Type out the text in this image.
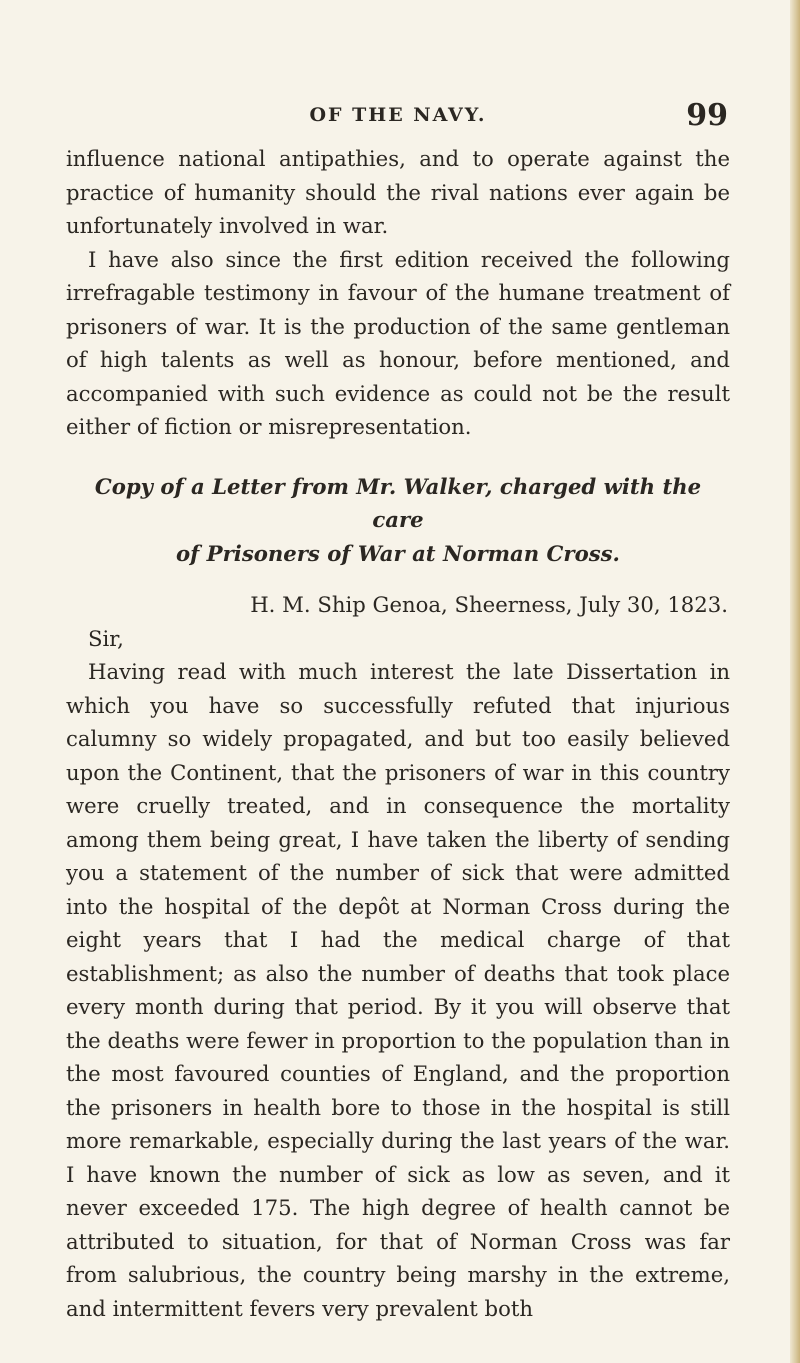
OF THE NAVY.	99

influence national antipathies, and to operate against the practice of humanity should the rival nations ever again be unfortunately involved in war.

I have also since the first edition received the following irrefragable testimony in favour of the humane treatment of prisoners of war. It is the production of the same gentleman of high talents as well as honour, before mentioned, and accompanied with such evidence as could not be the result either of fiction or misrepresentation.

Copy of a Letter from Mr. Walker, charged with the care
of Prisoners of War at Norman Cross.
H. M. Ship Genoa, Sheerness, July 30, 1823.
Sir,

Having read with much interest the late Dissertation in which you have so successfully refuted that injurious calumny so widely propagated, and but too easily believed upon the Continent, that the prisoners of war in this country were cruelly treated, and in consequence the mortality among them being great, I have taken the liberty of sending you a statement of the number of sick that were admitted into the hospital of the depôt at Norman Cross during the eight years that I had the medical charge of that establishment; as also the number of deaths that took place every month during that period. By it you will observe that the deaths were fewer in proportion to the population than in the most favoured counties of England, and the proportion the prisoners in health bore to those in the hospital is still more remarkable, especially during the last years of the war. I have known the number of sick as low as seven, and it never exceeded 175. The high degree of health cannot be attributed to situation, for that of Norman Cross was far from salubrious, the country being marshy in the extreme, and intermittent fevers very prevalent both
